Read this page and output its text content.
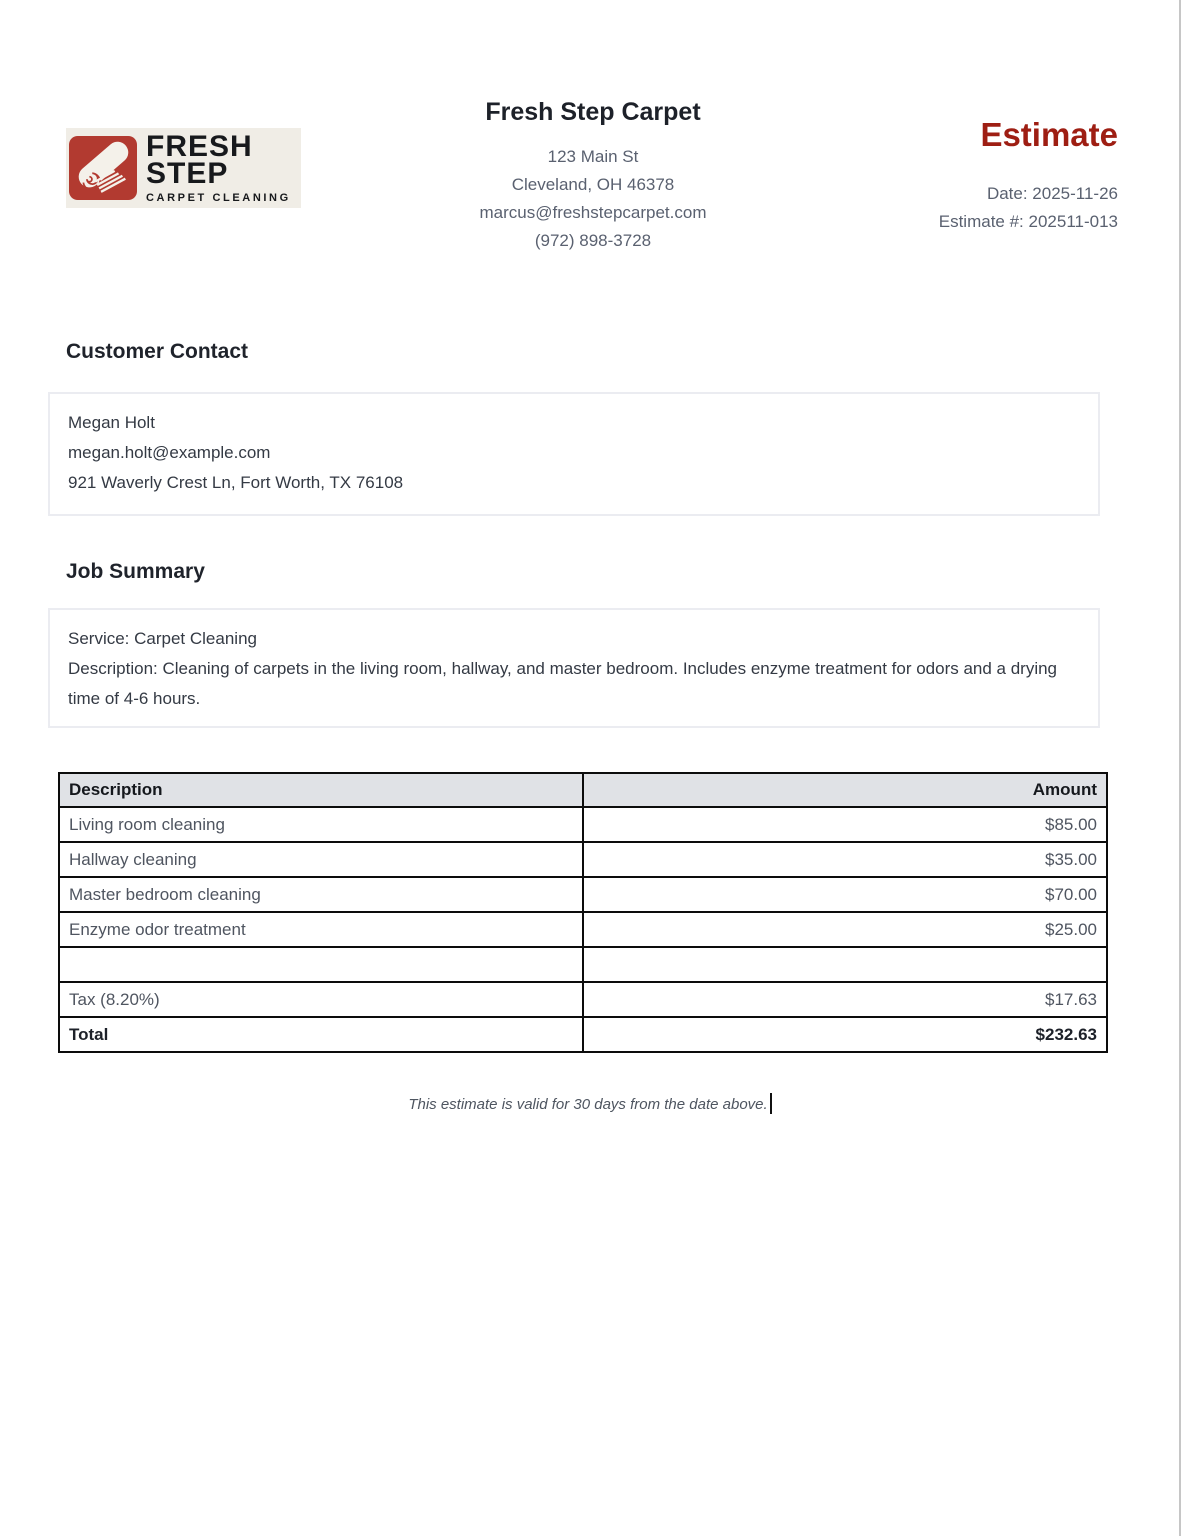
FRESH
STEP
CARPET CLEANING
Fresh Step Carpet
123 Main St
Cleveland, OH 46378
marcus@freshstepcarpet.com
(972) 898-3728
Estimate
Date: 2025-11-26
Estimate #: 202511-013
Customer Contact
Megan Holt
megan.holt@example.com
921 Waverly Crest Ln, Fort Worth, TX 76108
Job Summary
Service: Carpet Cleaning
Description: Cleaning of carpets in the living room, hallway, and master bedroom. Includes enzyme treatment for odors and a drying time of 4-6 hours.
Description	Amount
Living room cleaning	$85.00
Hallway cleaning	$35.00
Master bedroom cleaning	$70.00
Enzyme odor treatment	$25.00

Tax (8.20%)	$17.63
Total	$232.63
This estimate is valid for 30 days from the date above.
